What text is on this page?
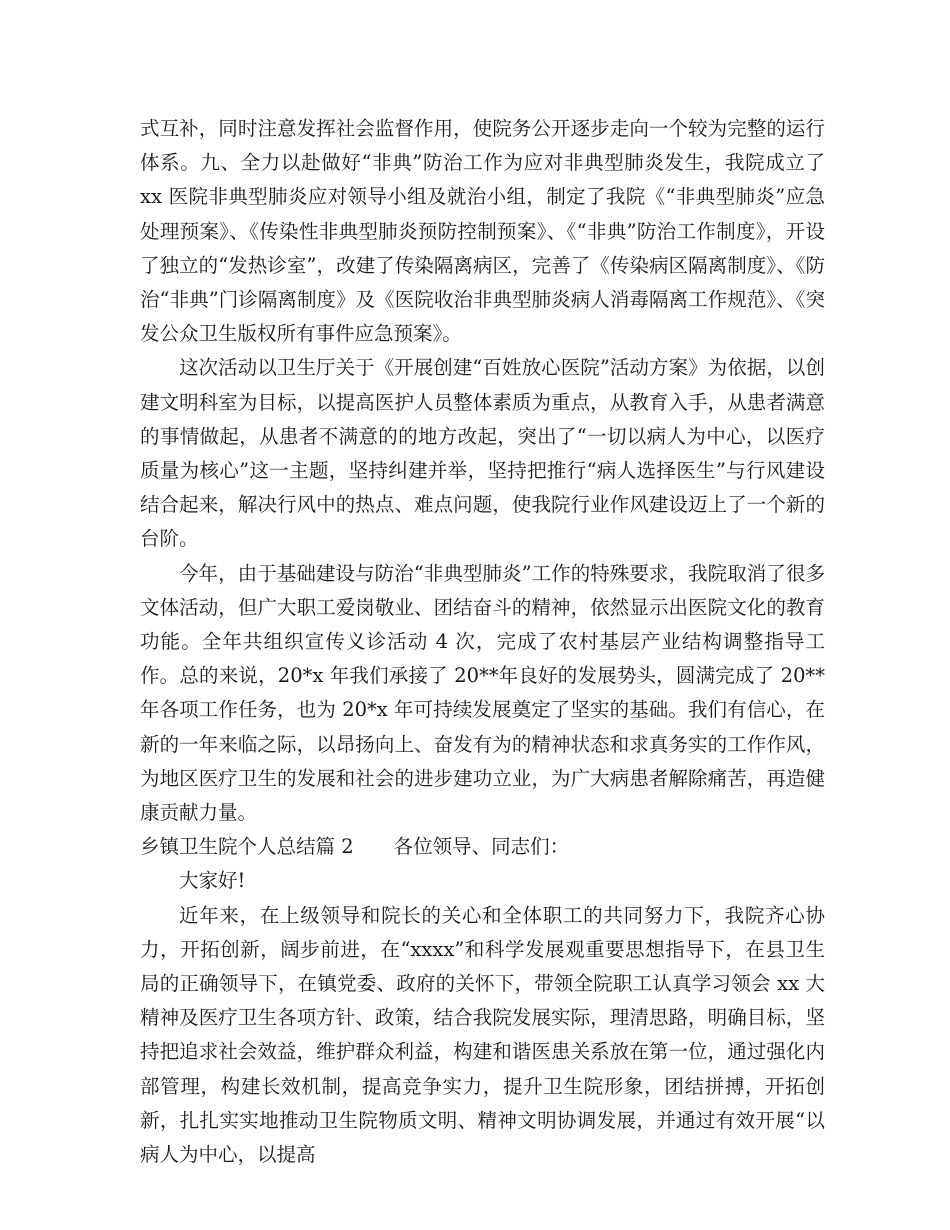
式互补，同时注意发挥社会监督作用，使院务公开逐步走向一个较为完整的运行体系。九、全力以赴做好“非典”防治工作为应对非典型肺炎发生，我院成立了 xx 医院非典型肺炎应对领导小组及就治小组，制定了我院《“非典型肺炎”应急处理预案》、《传染性非典型肺炎预防控制预案》、《“非典”防治工作制度》，开设了独立的“发热诊室”，改建了传染隔离病区，完善了《传染病区隔离制度》、《防治“非典”门诊隔离制度》及《医院收治非典型肺炎病人消毒隔离工作规范》、《突发公众卫生版权所有事件应急预案》。

这次活动以卫生厅关于《开展创建“百姓放心医院”活动方案》为依据，以创建文明科室为目标，以提高医护人员整体素质为重点，从教育入手，从患者满意的事情做起，从患者不满意的的地方改起，突出了“一切以病人为中心，以医疗质量为核心”这一主题，坚持纠建并举，坚持把推行“病人选择医生”与行风建设结合起来，解决行风中的热点、难点问题，使我院行业作风建设迈上了一个新的台阶。

今年，由于基础建设与防治“非典型肺炎”工作的特殊要求，我院取消了很多文体活动，但广大职工爱岗敬业、团结奋斗的精神，依然显示出医院文化的教育功能。全年共组织宣传义诊活动 4 次，完成了农村基层产业结构调整指导工作。总的来说，20*x 年我们承接了 20**年良好的发展势头，圆满完成了 20**年各项工作任务，也为 20*x 年可持续发展奠定了坚实的基础。我们有信心，在新的一年来临之际，以昂扬向上、奋发有为的精神状态和求真务实的工作作风，为地区医疗卫生的发展和社会的进步建功立业，为广大病患者解除痛苦，再造健康贡献力量。

乡镇卫生院个人总结篇 2 各位领导、同志们：

大家好!

近年来，在上级领导和院长的关心和全体职工的共同努力下，我院齐心协力，开拓创新，阔步前进，在“xxxx”和科学发展观重要思想指导下，在县卫生局的正确领导下，在镇党委、政府的关怀下，带领全院职工认真学习领会 xx 大精神及医疗卫生各项方针、政策，结合我院发展实际，理清思路，明确目标，坚持把追求社会效益，维护群众利益，构建和谐医患关系放在第一位，通过强化内部管理，构建长效机制，提高竞争实力，提升卫生院形象，团结拼搏，开拓创新，扎扎实实地推动卫生院物质文明、精神文明协调发展，并通过有效开展“以病人为中心，以提高
